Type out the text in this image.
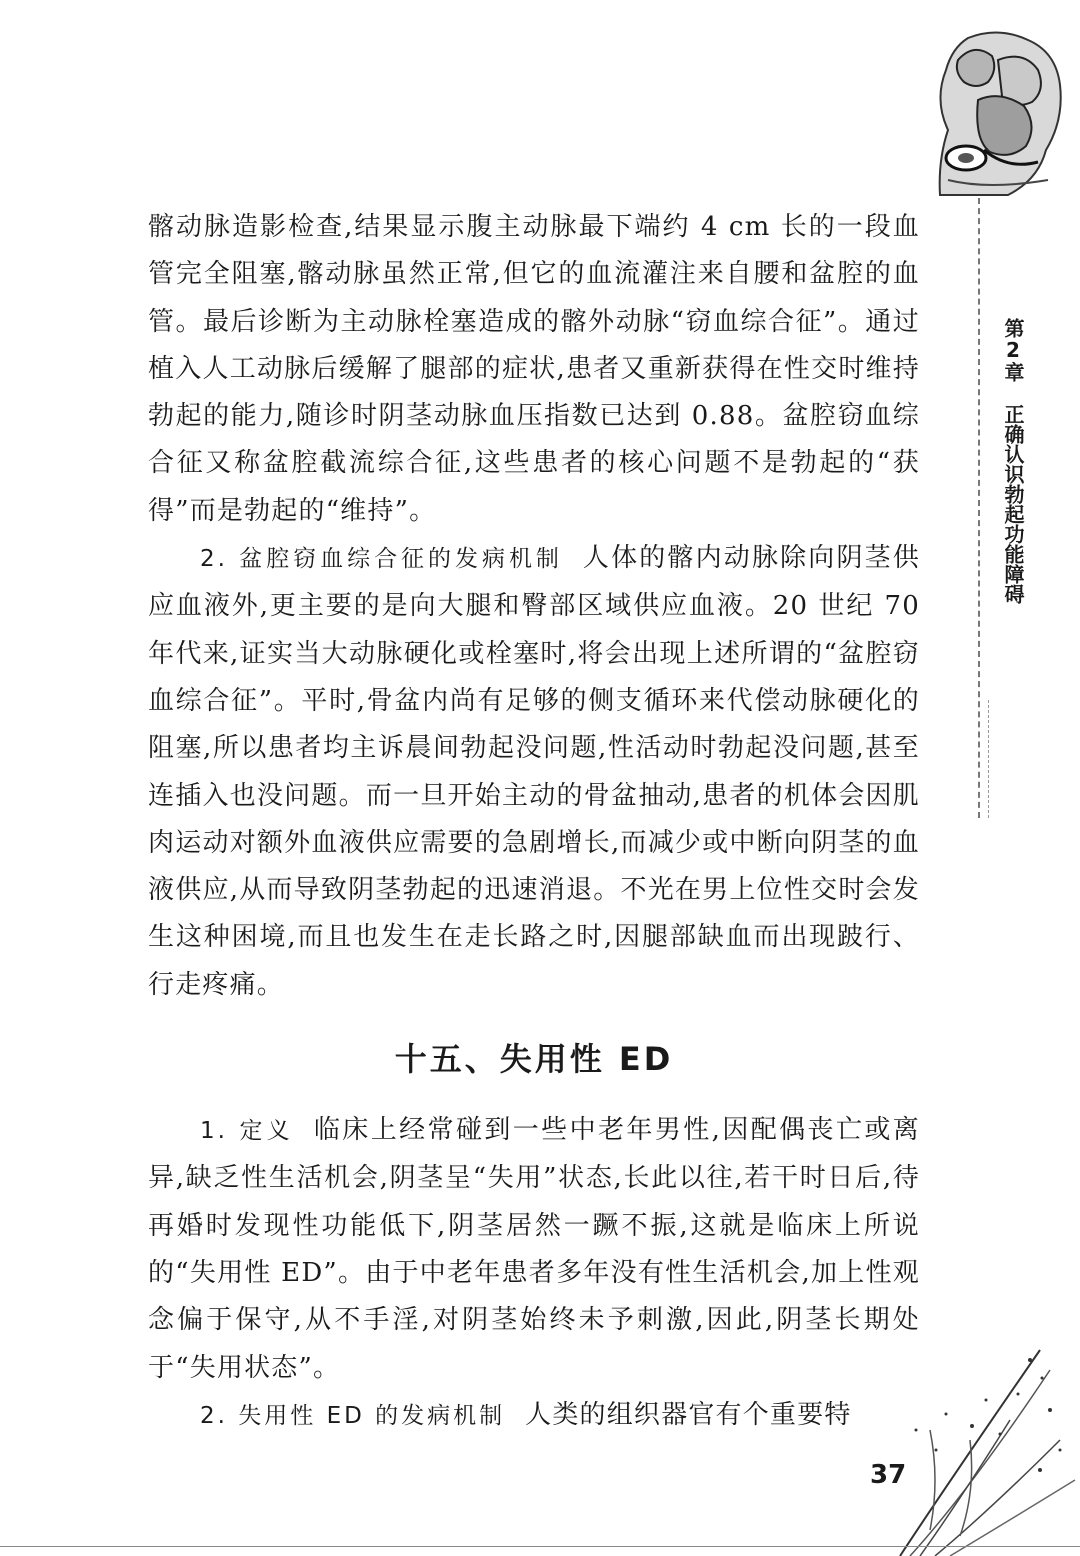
第2章正确认识勃起功能障碍

髂动脉造影检查,结果显示腹主动脉最下端约 4 cm 长的一段血管完全阻塞,髂动脉虽然正常,但它的血流灌注来自腰和盆腔的血管。最后诊断为主动脉栓塞造成的髂外动脉“窃血综合征”。通过植入人工动脉后缓解了腿部的症状,患者又重新获得在性交时维持勃起的能力,随诊时阴茎动脉血压指数已达到 0.88。盆腔窃血综合征又称盆腔截流综合征,这些患者的核心问题不是勃起的“获得”而是勃起的“维持”。

2. 盆腔窃血综合征的发病机制 人体的髂内动脉除向阴茎供应血液外,更主要的是向大腿和臀部区域供应血液。20 世纪 70 年代来,证实当大动脉硬化或栓塞时,将会出现上述所谓的“盆腔窃血综合征”。平时,骨盆内尚有足够的侧支循环来代偿动脉硬化的阻塞,所以患者均主诉晨间勃起没问题,性活动时勃起没问题,甚至连插入也没问题。而一旦开始主动的骨盆抽动,患者的机体会因肌肉运动对额外血液供应需要的急剧增长,而减少或中断向阴茎的血液供应,从而导致阴茎勃起的迅速消退。不光在男上位性交时会发生这种困境,而且也发生在走长路之时,因腿部缺血而出现跛行、行走疼痛。

十五、失用性 ED

1. 定义 临床上经常碰到一些中老年男性,因配偶丧亡或离异,缺乏性生活机会,阴茎呈“失用”状态,长此以往,若干时日后,待再婚时发现性功能低下,阴茎居然一蹶不振,这就是临床上所说的“失用性 ED”。由于中老年患者多年没有性生活机会,加上性观念偏于保守,从不手淫,对阴茎始终未予刺激,因此,阴茎长期处于“失用状态”。

2. 失用性 ED 的发病机制 人类的组织器官有个重要特

37
